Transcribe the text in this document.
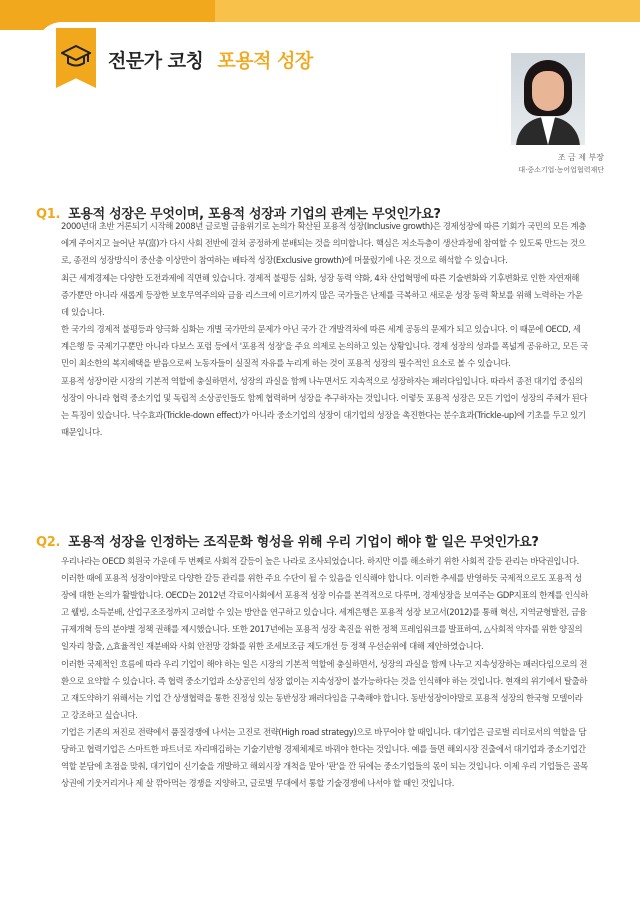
전문가 코칭 포용적 성장
조 금 제 부장
대·중소기업·농어업협력재단
Q1. 포용적 성장은 무엇이며, 포용적 성장과 기업의 관계는 무엇인가요?

2000년대 초반 거론되기 시작해 2008년 글로벌 금융위기로 논의가 확산된 포용적 성장(Inclusive growth)은 경제성장에 따른 기회가 국민의 모든 계층에게 주어지고 늘어난 부(富)가 다시 사회 전반에 걸쳐 공정하게 분배되는 것을 의미합니다. 핵심은 저소득층이 생산과정에 참여할 수 있도록 만드는 것으로, 종전의 성장방식이 중산층 이상만이 참여하는 배타적 성장(Exclusive growth)에 머물렀기에 나온 것으로 해석할 수 있습니다.

최근 세계경제는 다양한 도전과제에 직면해 있습니다. 경제적 불평등 심화, 성장 동력 약화, 4차 산업혁명에 따른 기술변화와 기후변화로 인한 자연재해 증가뿐만 아니라 새롭게 등장한 보호무역주의와 금융 리스크에 이르기까지 많은 국가들은 난제를 극복하고 새로운 성장 동력 확보를 위해 노력하는 가운데 있습니다.

한 국가의 경제적 불평등과 양극화 심화는 개별 국가만의 문제가 아닌 국가 간 개발격차에 따른 세계 공동의 문제가 되고 있습니다. 이 때문에 OECD, 세계은행 등 국제기구뿐만 아니라 다보스 포럼 등에서 '포용적 성장'을 주요 의제로 논의하고 있는 상황입니다. 경제 성장의 성과를 폭넓게 공유하고, 모든 국민이 최소한의 복지혜택을 받음으로써 노동자들이 실질적 자유를 누리게 하는 것이 포용적 성장의 필수적인 요소로 볼 수 있습니다.

포용적 성장이란 시장의 기본적 역할에 충실하면서, 성장의 과실을 함께 나누면서도 지속적으로 성장하자는 패러다임입니다. 따라서 종전 대기업 중심의 성장이 아니라 협력 중소기업 및 독립적 소상공인들도 함께 협력하며 성장을 추구하자는 것입니다. 이렇듯 포용적 성장은 모든 기업이 성장의 주체가 된다는 특징이 있습니다. 낙수효과(Trickle-down effect)가 아니라 중소기업의 성장이 대기업의 성장을 촉진한다는 분수효과(Trickle-up)에 기초를 두고 있기 때문입니다.

Q2. 포용적 성장을 인정하는 조직문화 형성을 위해 우리 기업이 해야 할 일은 무엇인가요?

우리나라는 OECD 회원국 가운데 두 번째로 사회적 갈등이 높은 나라로 조사되었습니다. 하지만 이를 해소하기 위한 사회적 갈등 관리는 바닥권입니다. 이러한 때에 포용적 성장이야말로 다양한 갈등 관리를 위한 주요 수단이 될 수 있음을 인식해야 합니다. 이러한 추세를 반영하듯 국제적으로도 포용적 성장에 대한 논의가 활발합니다. OECD는 2012년 각료이사회에서 포용적 성장 이슈를 본격적으로 다루며, 경제성장을 보여주는 GDP지표의 한계를 인식하고 웰빙, 소득분배, 산업구조조정까지 고려할 수 있는 방안을 연구하고 있습니다. 세계은행은 포용적 성장 보고서(2012)를 통해 혁신, 지역균형발전, 금융규제개혁 등의 분야별 정책 권해를 제시했습니다. 또한 2017년에는 포용적 성장 촉진을 위한 정책 프레임워크를 발표하여, △사회적 약자를 위한 양질의 일자리 창출, △효율적인 재분배와 사회 안전망 강화를 위한 조세보조금 제도개선 등 정책 우선순위에 대해 제안하였습니다.

이러한 국제적인 흐름에 따라 우리 기업이 해야 하는 일은 시장의 기본적 역할에 충실하면서, 성장의 과실을 함께 나누고 지속성장하는 패러다임으로의 전환으로 요약할 수 있습니다. 즉 협력 중소기업과 소상공인의 성장 없이는 지속성장이 불가능하다는 것을 인식해야 하는 것입니다. 현재의 위기에서 탈출하고 재도약하기 위해서는 기업 간 상생협력을 통한 진정성 있는 동반성장 패러다임을 구축해야 합니다. 동반성장이야말로 포용적 성장의 한국형 모델이라고 강조하고 싶습니다.

기업은 기존의 저진로 전략에서 품질경쟁에 나서는 고진로 전략(High road strategy)으로 바꾸어야 할 때입니다. 대기업은 글로벌 리더로서의 역할을 담당하고 협력기업은 스마트한 파트너로 자리매김하는 기술기반형 경제체제로 바꿔야 한다는 것입니다. 예를 들면 해외시장 진출에서 대기업과 중소기업간 역할 분담에 초점을 맞춰, 대기업이 신기술을 개발하고 해외시장 개척을 맡아 '판'을 깐 뒤에는 중소기업들의 몫이 되는 것입니다. 이제 우리 기업들은 골목상권에 기웃거리거나 제 살 깎아먹는 경쟁을 지양하고, 글로벌 무대에서 통할 기술경쟁에 나서야 할 때인 것입니다.
